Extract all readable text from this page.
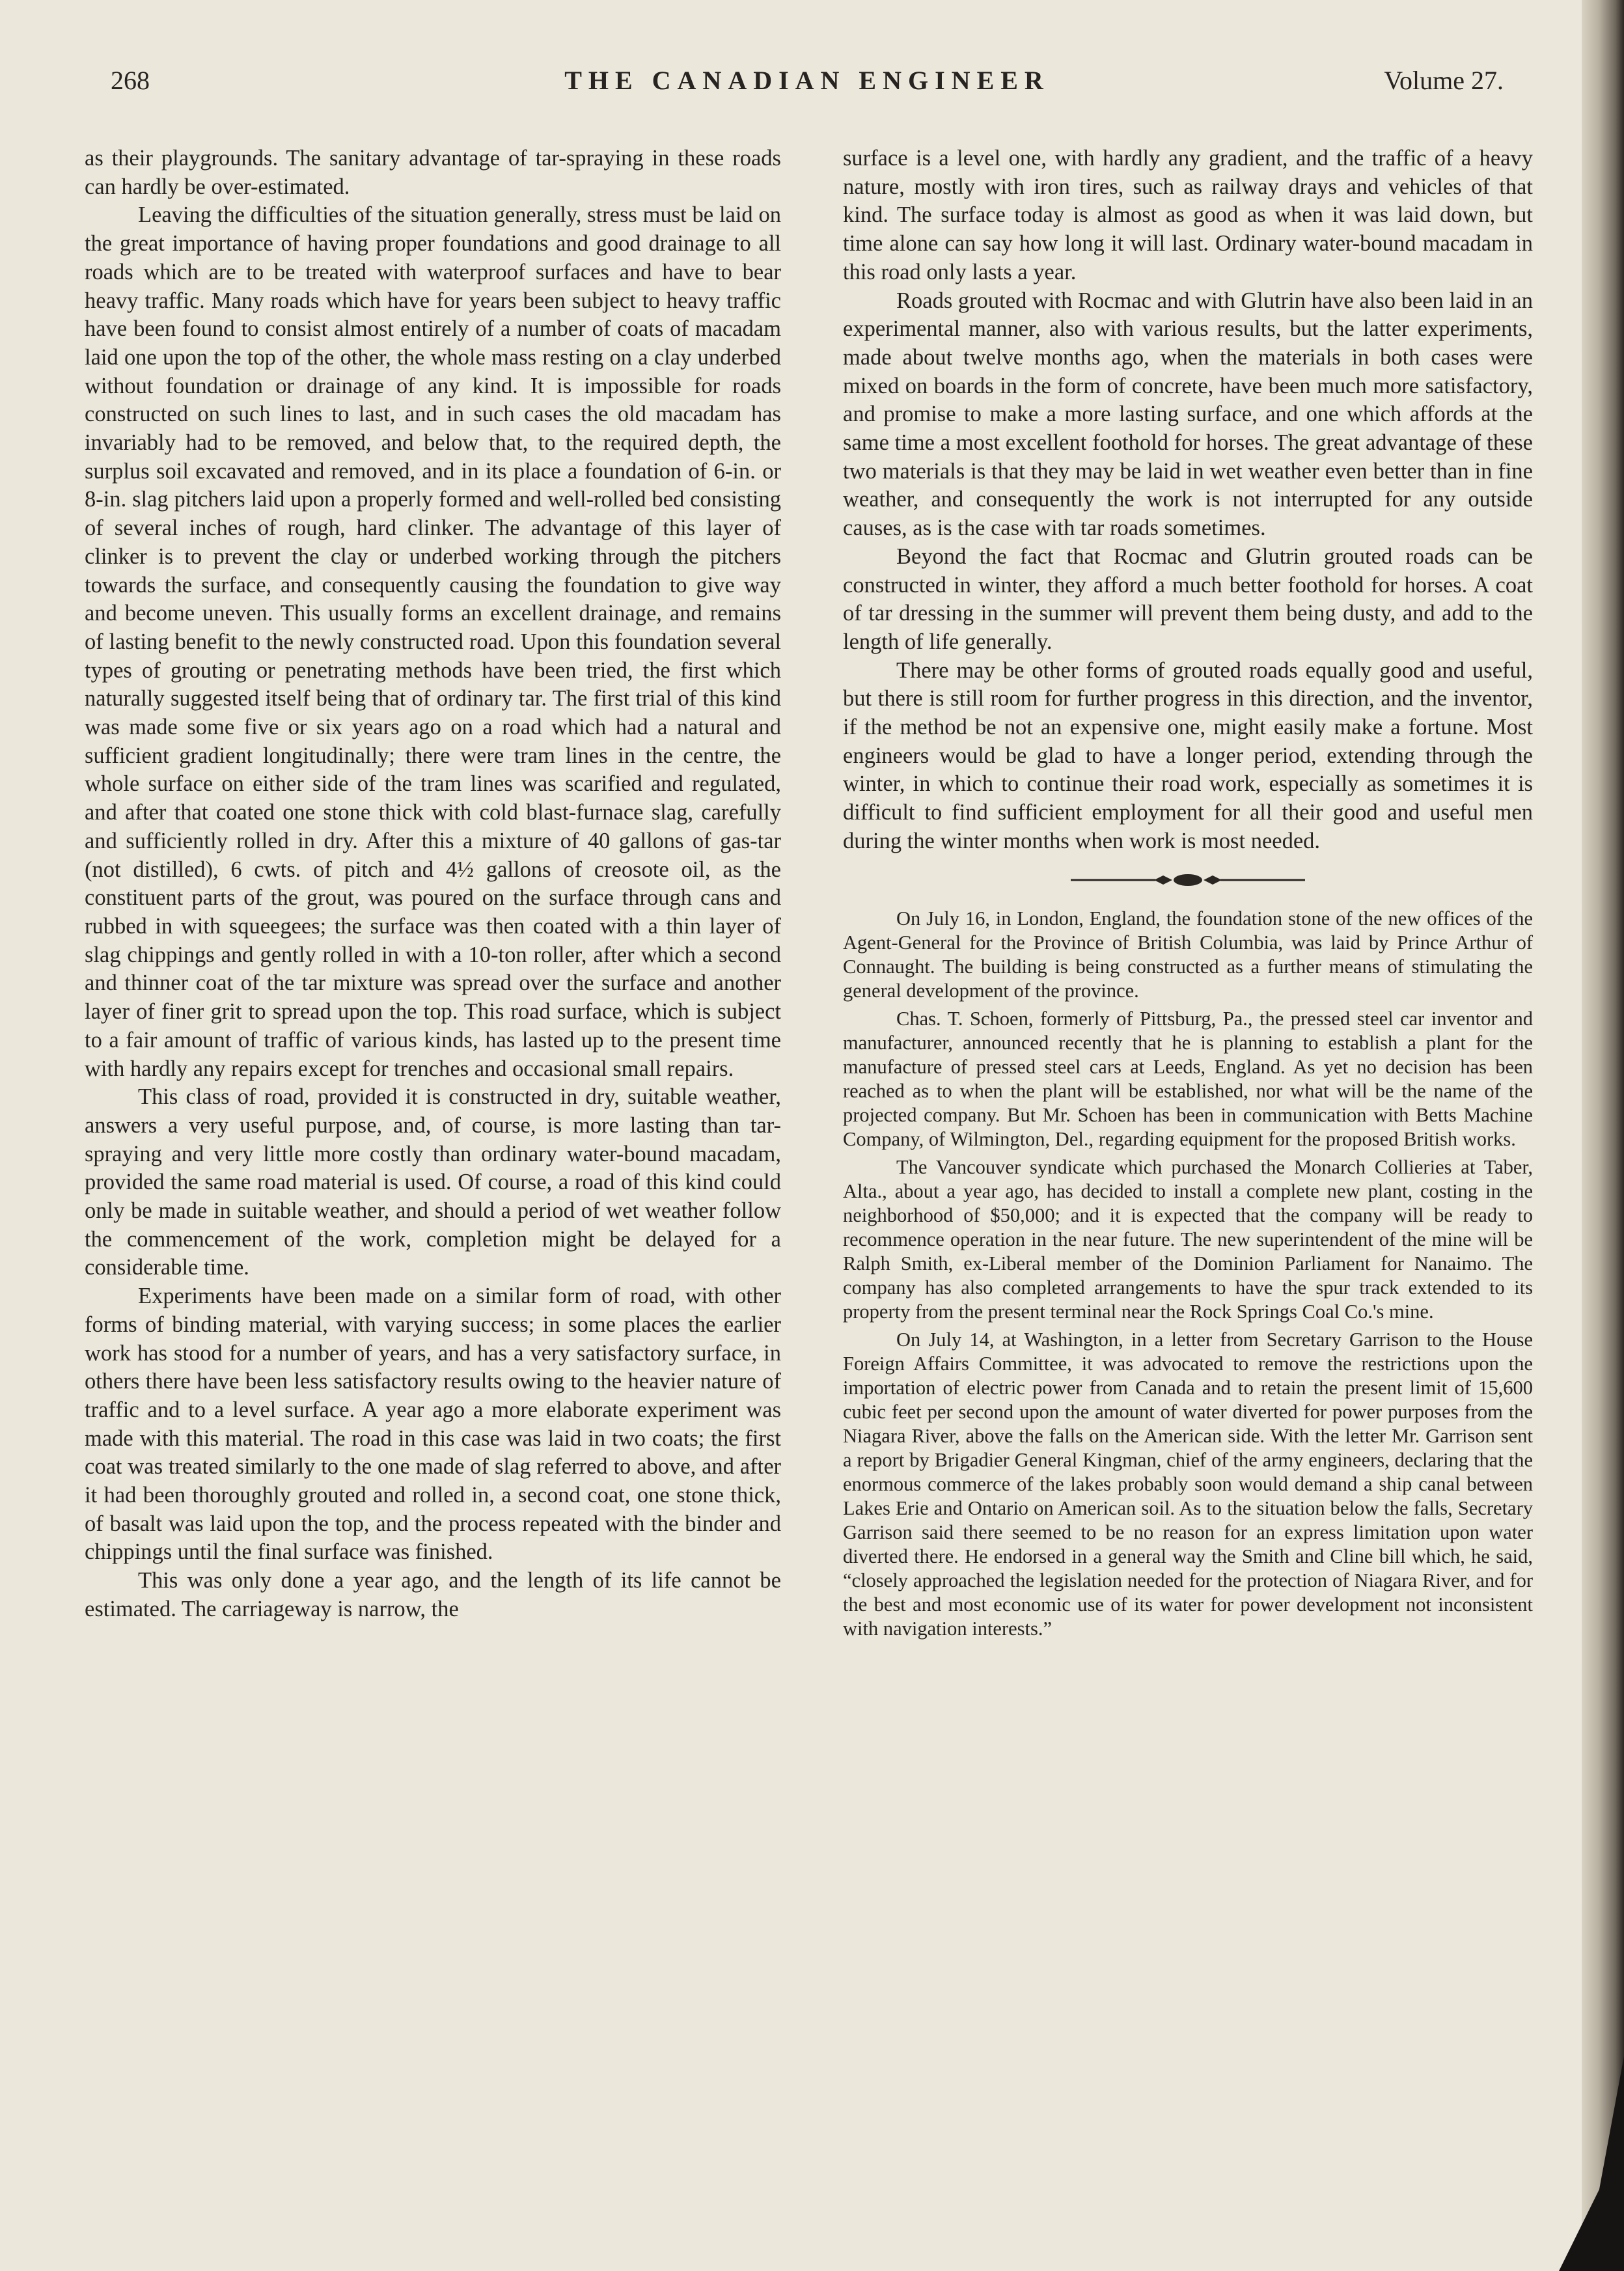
268	THE CANADIAN ENGINEER	Volume 27.

as their playgrounds. The sanitary advantage of tar-spraying in these roads can hardly be over-estimated.

Leaving the difficulties of the situation generally, stress must be laid on the great importance of having proper foundations and good drainage to all roads which are to be treated with waterproof surfaces and have to bear heavy traffic. Many roads which have for years been subject to heavy traffic have been found to consist almost entirely of a number of coats of macadam laid one upon the top of the other, the whole mass resting on a clay underbed without foundation or drainage of any kind. It is impossible for roads constructed on such lines to last, and in such cases the old macadam has invariably had to be removed, and below that, to the required depth, the surplus soil excavated and removed, and in its place a foundation of 6-in. or 8-in. slag pitchers laid upon a properly formed and well-rolled bed consisting of several inches of rough, hard clinker. The advantage of this layer of clinker is to prevent the clay or underbed working through the pitchers towards the surface, and consequently causing the foundation to give way and become uneven. This usually forms an excellent drainage, and remains of lasting benefit to the newly constructed road. Upon this foundation several types of grouting or penetrating methods have been tried, the first which naturally suggested itself being that of ordinary tar. The first trial of this kind was made some five or six years ago on a road which had a natural and sufficient gradient longitudinally; there were tram lines in the centre, the whole surface on either side of the tram lines was scarified and regulated, and after that coated one stone thick with cold blast-furnace slag, carefully and sufficiently rolled in dry. After this a mixture of 40 gallons of gas-tar (not distilled), 6 cwts. of pitch and 4½ gallons of creosote oil, as the constituent parts of the grout, was poured on the surface through cans and rubbed in with squeegees; the surface was then coated with a thin layer of slag chippings and gently rolled in with a 10-ton roller, after which a second and thinner coat of the tar mixture was spread over the surface and another layer of finer grit to spread upon the top. This road surface, which is subject to a fair amount of traffic of various kinds, has lasted up to the present time with hardly any repairs except for trenches and occasional small repairs.

This class of road, provided it is constructed in dry, suitable weather, answers a very useful purpose, and, of course, is more lasting than tar-spraying and very little more costly than ordinary water-bound macadam, provided the same road material is used. Of course, a road of this kind could only be made in suitable weather, and should a period of wet weather follow the commencement of the work, completion might be delayed for a considerable time.

Experiments have been made on a similar form of road, with other forms of binding material, with varying success; in some places the earlier work has stood for a number of years, and has a very satisfactory surface, in others there have been less satisfactory results owing to the heavier nature of traffic and to a level surface. A year ago a more elaborate experiment was made with this material. The road in this case was laid in two coats; the first coat was treated similarly to the one made of slag referred to above, and after it had been thoroughly grouted and rolled in, a second coat, one stone thick, of basalt was laid upon the top, and the process repeated with the binder and chippings until the final surface was finished.

This was only done a year ago, and the length of its life cannot be estimated. The carriageway is narrow, the

surface is a level one, with hardly any gradient, and the traffic of a heavy nature, mostly with iron tires, such as railway drays and vehicles of that kind. The surface today is almost as good as when it was laid down, but time alone can say how long it will last. Ordinary water-bound macadam in this road only lasts a year.

Roads grouted with Rocmac and with Glutrin have also been laid in an experimental manner, also with various results, but the latter experiments, made about twelve months ago, when the materials in both cases were mixed on boards in the form of concrete, have been much more satisfactory, and promise to make a more lasting surface, and one which affords at the same time a most excellent foothold for horses. The great advantage of these two materials is that they may be laid in wet weather even better than in fine weather, and consequently the work is not interrupted for any outside causes, as is the case with tar roads sometimes.

Beyond the fact that Rocmac and Glutrin grouted roads can be constructed in winter, they afford a much better foothold for horses. A coat of tar dressing in the summer will prevent them being dusty, and add to the length of life generally.

There may be other forms of grouted roads equally good and useful, but there is still room for further progress in this direction, and the inventor, if the method be not an expensive one, might easily make a fortune. Most engineers would be glad to have a longer period, extending through the winter, in which to continue their road work, especially as sometimes it is difficult to find sufficient employment for all their good and useful men during the winter months when work is most needed.

On July 16, in London, England, the foundation stone of the new offices of the Agent-General for the Province of British Columbia, was laid by Prince Arthur of Connaught. The building is being constructed as a further means of stimulating the general development of the province.

Chas. T. Schoen, formerly of Pittsburg, Pa., the pressed steel car inventor and manufacturer, announced recently that he is planning to establish a plant for the manufacture of pressed steel cars at Leeds, England. As yet no decision has been reached as to when the plant will be established, nor what will be the name of the projected company. But Mr. Schoen has been in communication with Betts Machine Company, of Wilmington, Del., regarding equipment for the proposed British works.

The Vancouver syndicate which purchased the Monarch Collieries at Taber, Alta., about a year ago, has decided to install a complete new plant, costing in the neighborhood of $50,000; and it is expected that the company will be ready to recommence operation in the near future. The new superintendent of the mine will be Ralph Smith, ex-Liberal member of the Dominion Parliament for Nanaimo. The company has also completed arrangements to have the spur track extended to its property from the present terminal near the Rock Springs Coal Co.'s mine.

On July 14, at Washington, in a letter from Secretary Garrison to the House Foreign Affairs Committee, it was advocated to remove the restrictions upon the importation of electric power from Canada and to retain the present limit of 15,600 cubic feet per second upon the amount of water diverted for power purposes from the Niagara River, above the falls on the American side. With the letter Mr. Garrison sent a report by Brigadier General Kingman, chief of the army engineers, declaring that the enormous commerce of the lakes probably soon would demand a ship canal between Lakes Erie and Ontario on American soil. As to the situation below the falls, Secretary Garrison said there seemed to be no reason for an express limitation upon water diverted there. He endorsed in a general way the Smith and Cline bill which, he said, “closely approached the legislation needed for the protection of Niagara River, and for the best and most economic use of its water for power development not inconsistent with navigation interests.”
